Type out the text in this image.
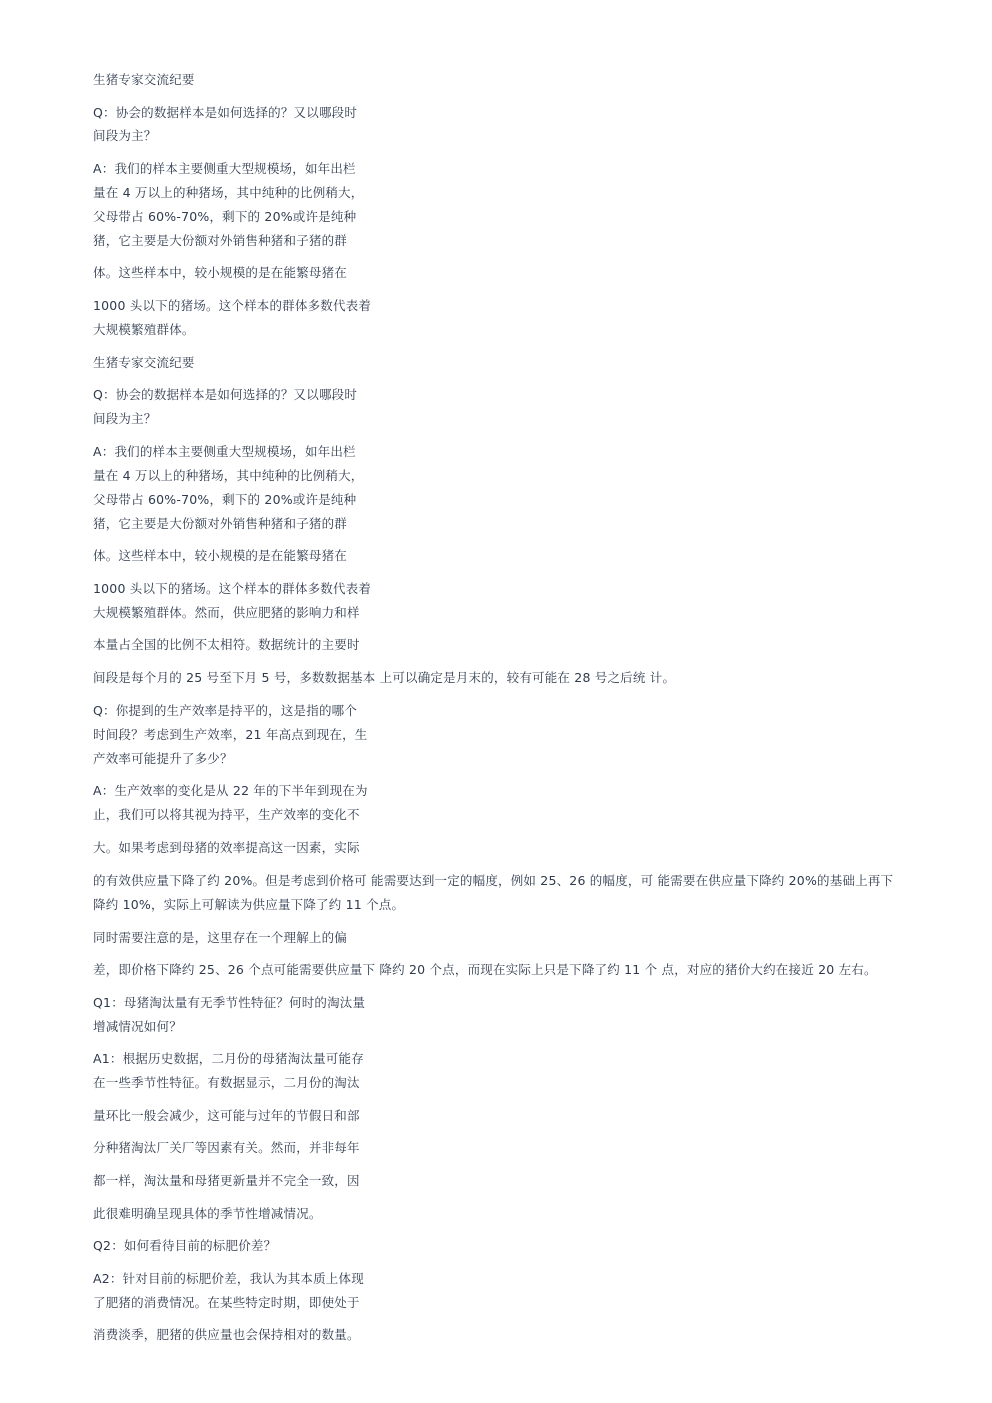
生猪专家交流纪要
Q：协会的数据样本是如何选择的？又以哪段时
间段为主？
A：我们的样本主要侧重大型规模场，如年出栏
量在 4 万以上的种猪场，其中纯种的比例稍大，
父母带占 60%-70%，剩下的 20%或许是纯种
猪，它主要是大份额对外销售种猪和子猪的群
体。这些样本中，较小规模的是在能繁母猪在
1000 头以下的猪场。这个样本的群体多数代表着
大规模繁殖群体。
生猪专家交流纪要
Q：协会的数据样本是如何选择的？又以哪段时
间段为主？
A：我们的样本主要侧重大型规模场，如年出栏
量在 4 万以上的种猪场，其中纯种的比例稍大，
父母带占 60%-70%，剩下的 20%或许是纯种
猪，它主要是大份额对外销售种猪和子猪的群
体。这些样本中，较小规模的是在能繁母猪在
1000 头以下的猪场。这个样本的群体多数代表着
大规模繁殖群体。然而，供应肥猪的影响力和样
本量占全国的比例不太相符。数据统计的主要时
间段是每个月的 25 号至下月 5 号，多数数据基本 上可以确定是月末的，较有可能在 28 号之后统 计。
Q：你提到的生产效率是持平的，这是指的哪个
时间段？考虑到生产效率，21 年高点到现在，生
产效率可能提升了多少？
A：生产效率的变化是从 22 年的下半年到现在为
止，我们可以将其视为持平，生产效率的变化不
大。如果考虑到母猪的效率提高这一因素，实际
的有效供应量下降了约 20%。但是考虑到价格可 能需要达到一定的幅度，例如 25、26 的幅度，可 能需要在供应量下降约 20%的基础上再下
降约 10%，实际上可解读为供应量下降了约 11 个点。
同时需要注意的是，这里存在一个理解上的偏
差，即价格下降约 25、26 个点可能需要供应量下 降约 20 个点，而现在实际上只是下降了约 11 个 点，对应的猪价大约在接近 20 左右。
Q1：母猪淘汰量有无季节性特征？何时的淘汰量
增减情况如何？
A1：根据历史数据，二月份的母猪淘汰量可能存
在一些季节性特征。有数据显示，二月份的淘汰
量环比一般会减少，这可能与过年的节假日和部
分种猪淘汰厂关厂等因素有关。然而，并非每年
都一样，淘汰量和母猪更新量并不完全一致，因
此很难明确呈现具体的季节性增减情况。
Q2：如何看待目前的标肥价差？
A2：针对目前的标肥价差，我认为其本质上体现
了肥猪的消费情况。在某些特定时期，即使处于
消费淡季，肥猪的供应量也会保持相对的数量。
